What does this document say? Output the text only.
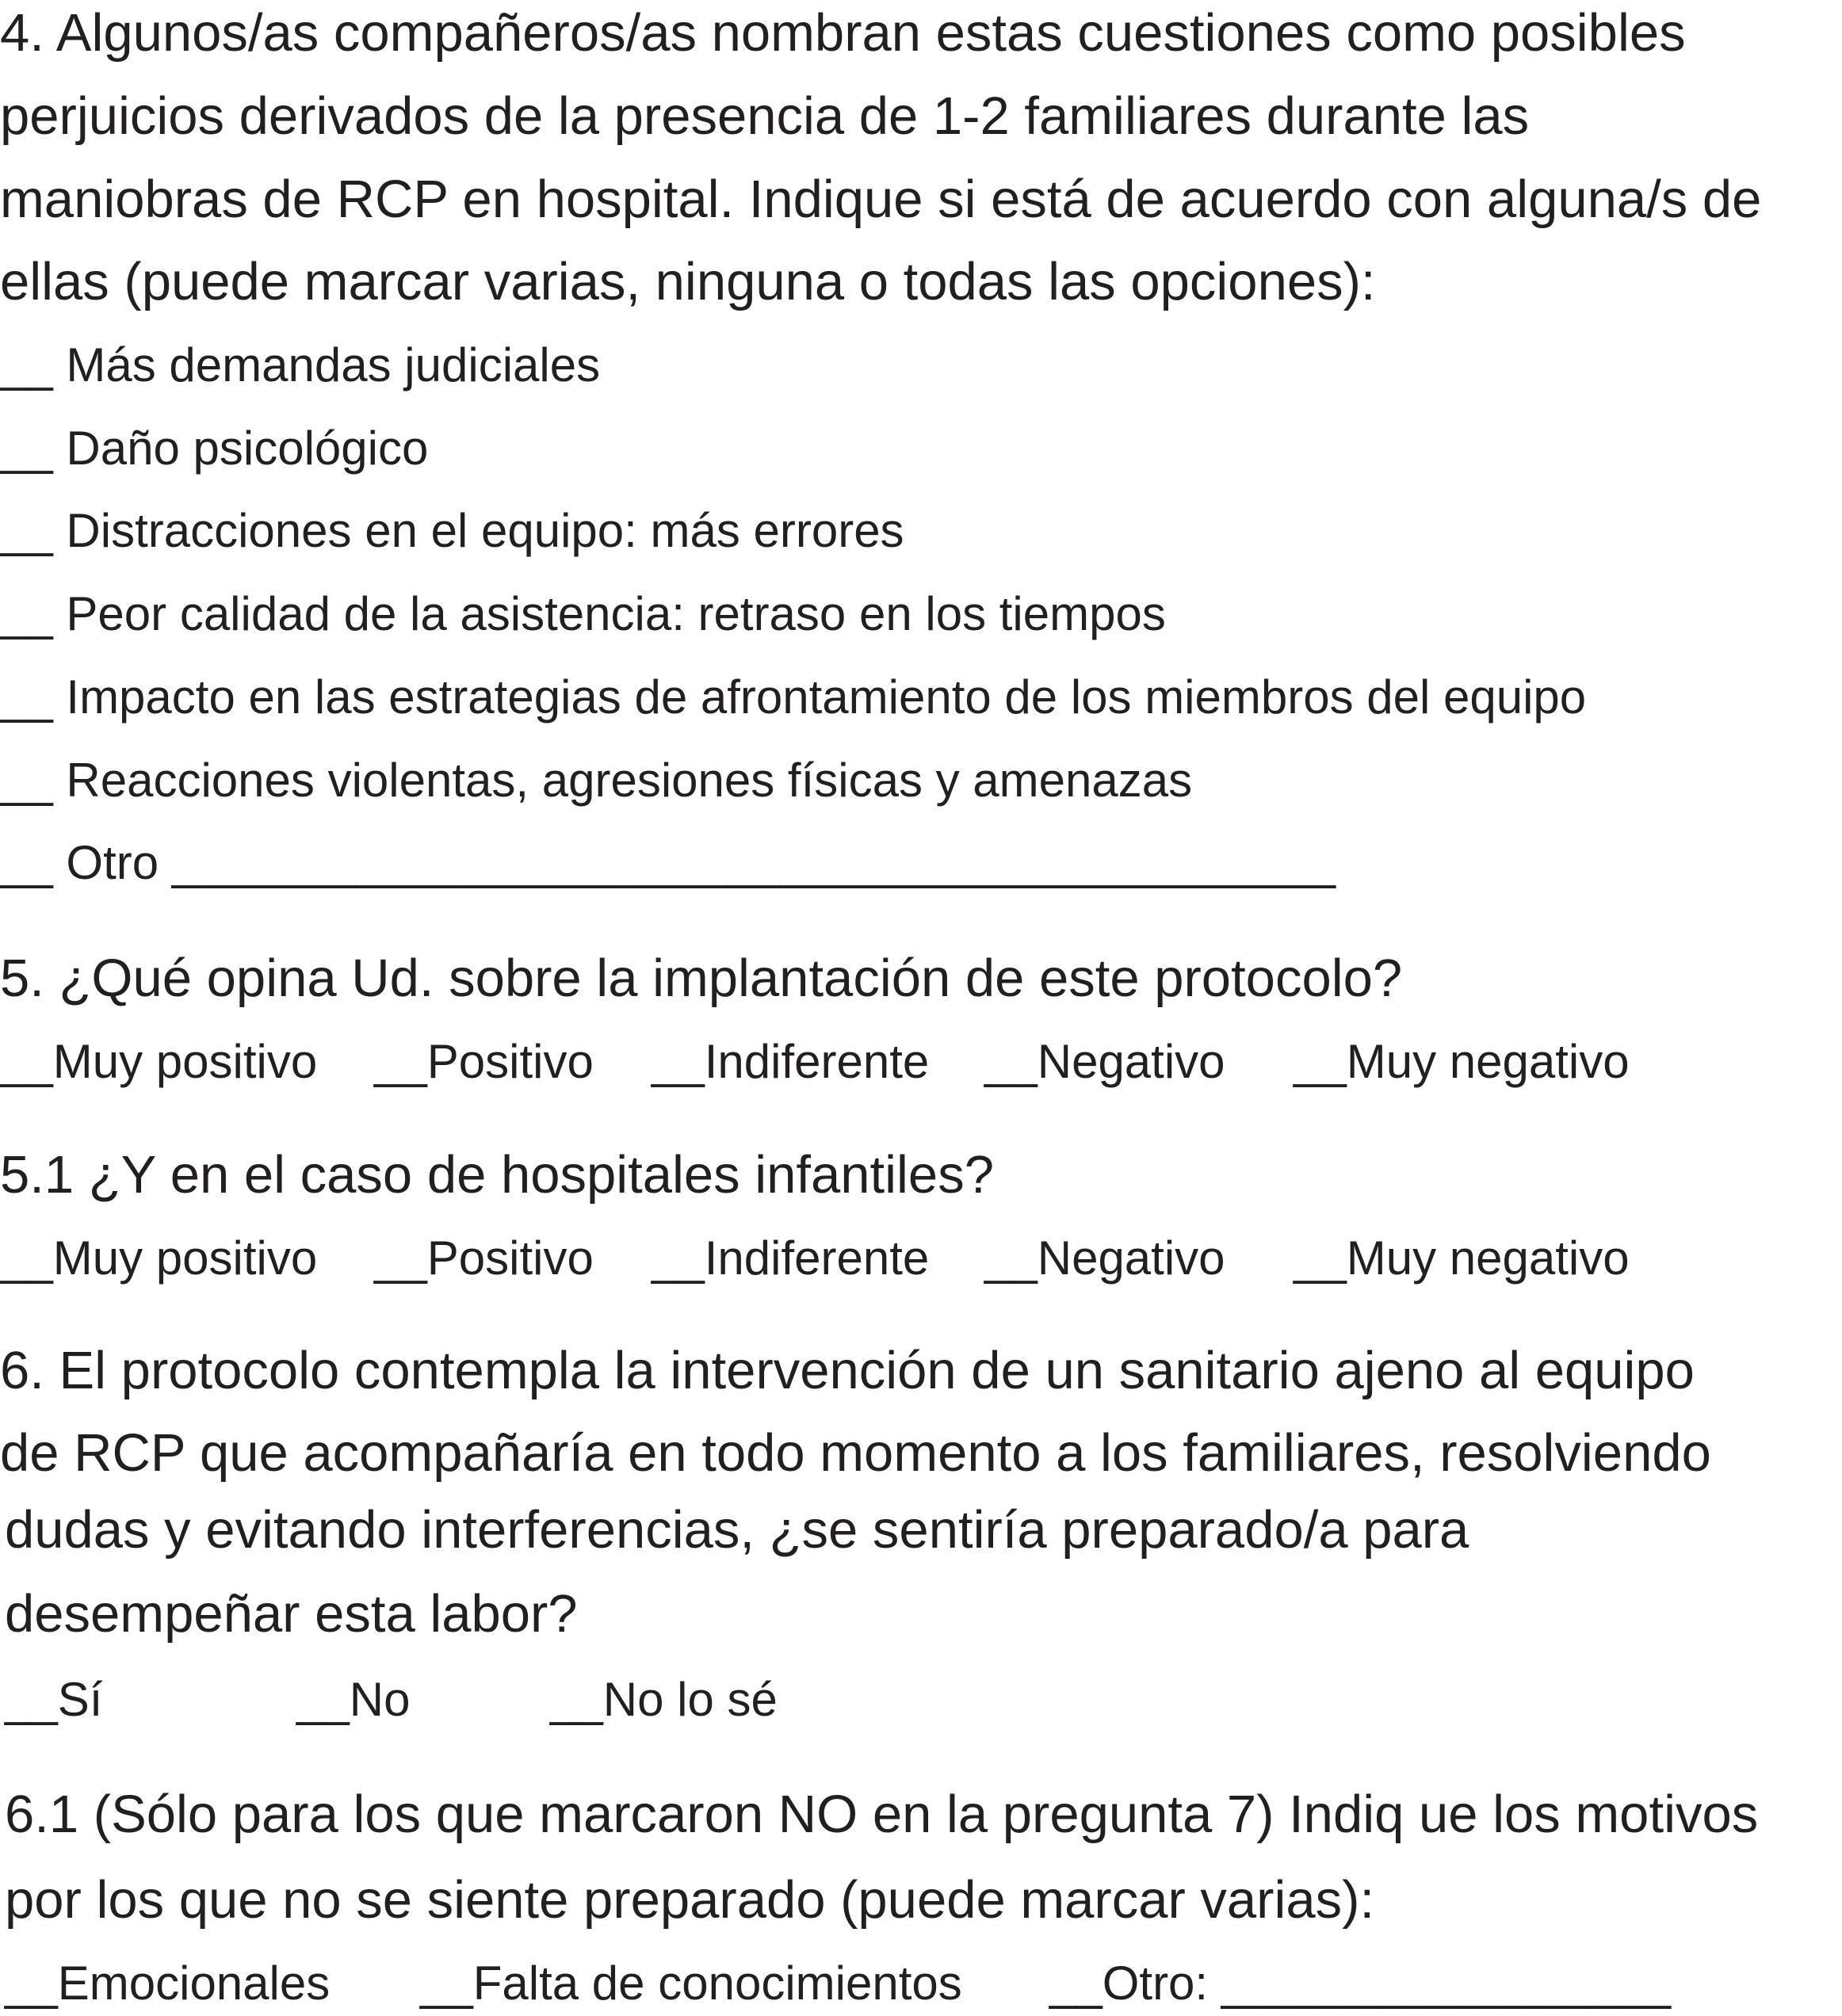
4. Algunos/as compañeros/as nombran estas cuestiones como posibles
perjuicios derivados de la presencia de 1-2 familiares durante las
maniobras de RCP en hospital. Indique si está de acuerdo con alguna/s de
ellas (puede marcar varias, ninguna o todas las opciones):
__ Más demandas judiciales
__ Daño psicológico
__ Distracciones en el equipo: más errores
__ Peor calidad de la asistencia: retraso en los tiempos
__ Impacto en las estrategias de afrontamiento de los miembros del equipo
__ Reacciones violentas, agresiones físicas y amenazas
__ Otro ____________________________________________
5. ¿Qué opina Ud. sobre la implantación de este protocolo?
__Muy positivo __Positivo __Indiferente __Negativo __Muy negativo
5.1 ¿Y en el caso de hospitales infantiles?
__Muy positivo __Positivo __Indiferente __Negativo __Muy negativo
6. El protocolo contempla la intervención de un sanitario ajeno al equipo
de RCP que acompañaría en todo momento a los familiares, resolviendo
dudas y evitando interferencias, ¿se sentiría preparado/a para
desempeñar esta labor?
__Sí	__No	__No lo sé
6.1 (Sólo para los que marcaron NO en la pregunta 7) Indiq ue los motivos
por los que no se siente preparado (puede marcar varias):
__Emocionales __Falta de conocimientos __Otro: _________________
